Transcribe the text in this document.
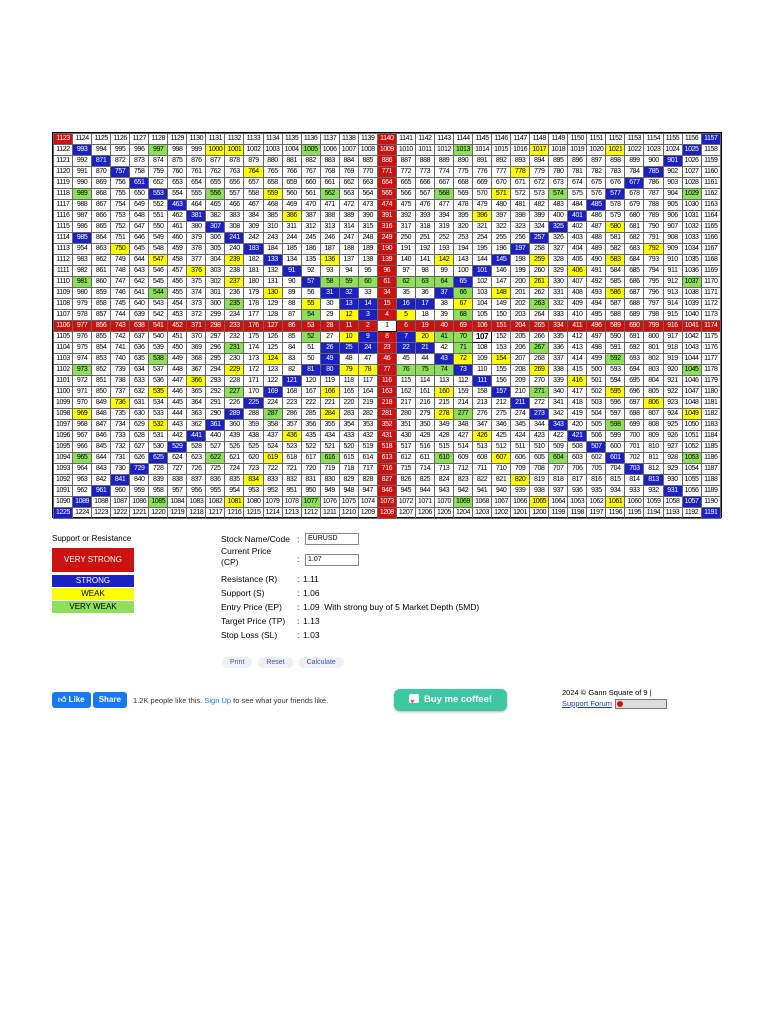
1123	1124	1125	1126	1127	1128	1129	1130	1131	1132	1133	1134	1135	1136	1137	1138	1139	1140	1141	1142	1143	1144	1145	1146	1147	1148	1149	1150	1151	1152	1153	1154	1155	1156	1157
1122	993	994	995	996	997	998	999	1000	1001	1002	1003	1004	1005	1006	1007	1008	1009	1010	1011	1012	1013	1014	1015	1016	1017	1018	1019	1020	1021	1022	1023	1024	1025	1158
1121	992	871	872	873	874	875	876	877	878	879	880	881	882	883	884	885	886	887	888	889	890	891	892	893	894	895	896	897	898	899	900	901	1026	1159
1120	991	870	757	758	759	760	761	762	763	764	765	766	767	768	769	770	771	772	773	774	775	776	777	778	779	780	781	782	783	784	785	902	1027	1160
1119	990	869	756	651	652	653	654	655	656	657	658	659	660	661	662	663	664	665	666	667	668	669	670	671	672	673	674	675	676	677	786	903	1028	1161
1118	989	868	755	650	553	554	555	556	557	558	559	560	561	562	563	564	565	566	567	568	569	570	571	572	573	574	575	576	577	678	787	904	1029	1162
1117	988	867	754	649	552	463	464	465	466	467	468	469	470	471	472	473	474	475	476	477	478	479	480	481	482	483	484	485	578	679	788	905	1030	1163
1116	987	866	753	648	551	462	381	382	383	384	385	386	387	388	389	390	391	392	393	394	395	396	397	398	399	400	401	486	579	680	789	906	1031	1164
1115	986	865	752	647	550	461	380	307	308	309	310	311	312	313	314	315	316	317	318	319	320	321	322	323	324	325	402	487	580	681	790	907	1032	1165
1114	985	864	751	646	549	460	379	306	241	242	243	244	245	246	247	248	249	250	251	252	253	254	255	256	257	326	403	488	581	682	791	908	1033	1166
1113	954	863	750	645	548	459	378	305	240	183	184	185	186	187	188	189	190	191	192	193	194	195	196	197	258	327	404	489	582	683	792	909	1034	1167
1112	983	862	749	644	547	458	377	304	239	182	133	134	135	136	137	138	139	140	141	142	143	144	145	198	259	328	405	490	583	684	793	910	1035	1168
1111	982	861	748	643	546	457	376	303	238	181	132	91	92	93	94	95	96	97	98	99	100	101	146	199	260	329	406	491	584	685	794	911	1036	1169
1110	981	860	747	642	545	456	375	302	237	180	131	90	57	58	59	60	61	62	63	64	65	102	147	200	261	330	407	492	585	686	795	912	1037	1170
1109	980	859	746	641	544	455	374	301	236	179	130	89	56	31	32	33	34	35	36	37	66	103	148	201	262	331	408	493	586	687	796	913	1038	1171
1108	979	858	745	640	543	454	373	300	235	178	129	88	55	30	13	14	15	16	17	38	67	104	149	202	263	332	409	494	587	688	797	914	1039	1172
1107	978	857	744	639	542	453	372	299	234	177	128	87	54	29	12	3	4	5	18	39	68	105	150	203	264	333	410	495	588	689	798	915	1040	1173
1106	977	856	743	638	541	452	371	298	233	176	127	86	53	28	11	2	1	6	19	40	69	106	151	204	265	334	411	496	589	690	799	916	1041	1174
1105	976	855	742	637	540	451	370	297	232	175	126	85	52	27	10	9	8	7	20	41	70	107	152	205	266	335	412	497	590	691	800	917	1042	1175
1104	975	854	741	636	539	450	369	296	231	174	125	84	51	26	25	24	23	22	21	42	71	108	153	206	267	336	413	498	591	692	801	918	1043	1176
1103	974	853	740	635	538	449	368	295	230	173	124	83	50	49	48	47	46	45	44	43	72	109	154	207	268	337	414	499	592	693	802	919	1044	1177
1102	973	852	739	634	537	448	367	294	229	172	123	82	81	80	79	78	77	76	75	74	73	110	155	208	269	338	415	500	593	694	803	920	1045	1178
1101	972	851	738	633	536	447	366	293	228	171	122	121	120	119	118	117	116	115	114	113	112	111	156	209	270	339	416	501	594	695	804	921	1046	1179
1100	971	850	737	632	535	446	365	292	227	170	169	168	167	166	165	164	163	162	161	160	159	158	157	210	271	340	417	502	595	696	805	922	1047	1180
1099	970	849	736	631	534	445	364	291	226	225	224	223	222	221	220	219	218	217	216	215	214	213	212	211	272	341	418	503	596	697	806	923	1048	1181
1098	969	848	735	630	533	444	363	290	289	288	287	286	285	284	283	282	281	280	279	278	277	276	275	274	273	342	419	504	597	698	807	924	1049	1182
1097	968	847	734	629	532	443	362	361	360	359	358	357	356	355	354	353	352	351	350	349	348	347	346	345	344	343	420	505	598	699	808	925	1050	1183
1096	967	846	733	628	531	442	441	440	439	438	437	436	435	434	433	432	431	430	429	428	427	426	425	424	423	422	421	506	599	700	809	926	1051	1184
1095	966	845	732	627	530	529	528	527	526	525	524	523	522	521	520	519	518	517	516	515	514	513	512	511	510	509	508	507	600	701	810	927	1052	1185
1094	965	844	731	626	625	624	623	622	621	620	619	618	617	616	615	614	613	612	611	610	609	608	607	606	605	604	603	602	601	702	811	928	1053	1186
1093	964	843	730	729	728	727	726	725	724	723	722	721	720	719	718	717	716	715	714	713	712	711	710	709	708	707	706	705	704	703	812	929	1054	1187
1092	963	842	841	840	839	838	837	836	835	834	833	832	831	830	829	828	827	826	825	824	823	822	821	820	819	818	817	816	815	814	813	930	1055	1188
1091	962	961	960	959	958	957	956	955	954	953	952	951	950	949	948	947	946	945	944	943	942	941	940	939	938	937	936	935	934	933	932	931	1056	1189
1090	1089	1088	1087	1086	1085	1084	1083	1082	1081	1080	1079	1078	1077	1076	1075	1074	1073	1072	1071	1070	1069	1068	1067	1066	1065	1064	1063	1062	1061	1060	1059	1058	1057	1190
1225	1224	1223	1222	1221	1220	1219	1218	1217	1216	1215	1214	1213	1212	1211	1210	1209	1208	1207	1206	1205	1204	1203	1202	1201	1200	1199	1198	1197	1196	1195	1194	1193	1192	1191
Support or Resistance
VERY STRONG
STRONG
WEAK
VERY WEAK
Stock Name/Code :
EURUSD
Current Price
(CP)	:
1.07
Resistance (R)	: 1.11
Support (S)	: 1.06
Entry Price (EP)	: 1.09  With strong buy of 5 Market Depth (5MD)
Target Price (TP)	: 1.13
Stop Loss (SL)	: 1.03
Print	Reset	Calculate
👍︎ Like Share 1.2K people like this. Sign Up to see what your friends like. ♥	Buy me coffee!
2024 © Gann Square of 9 |
Support Forum
